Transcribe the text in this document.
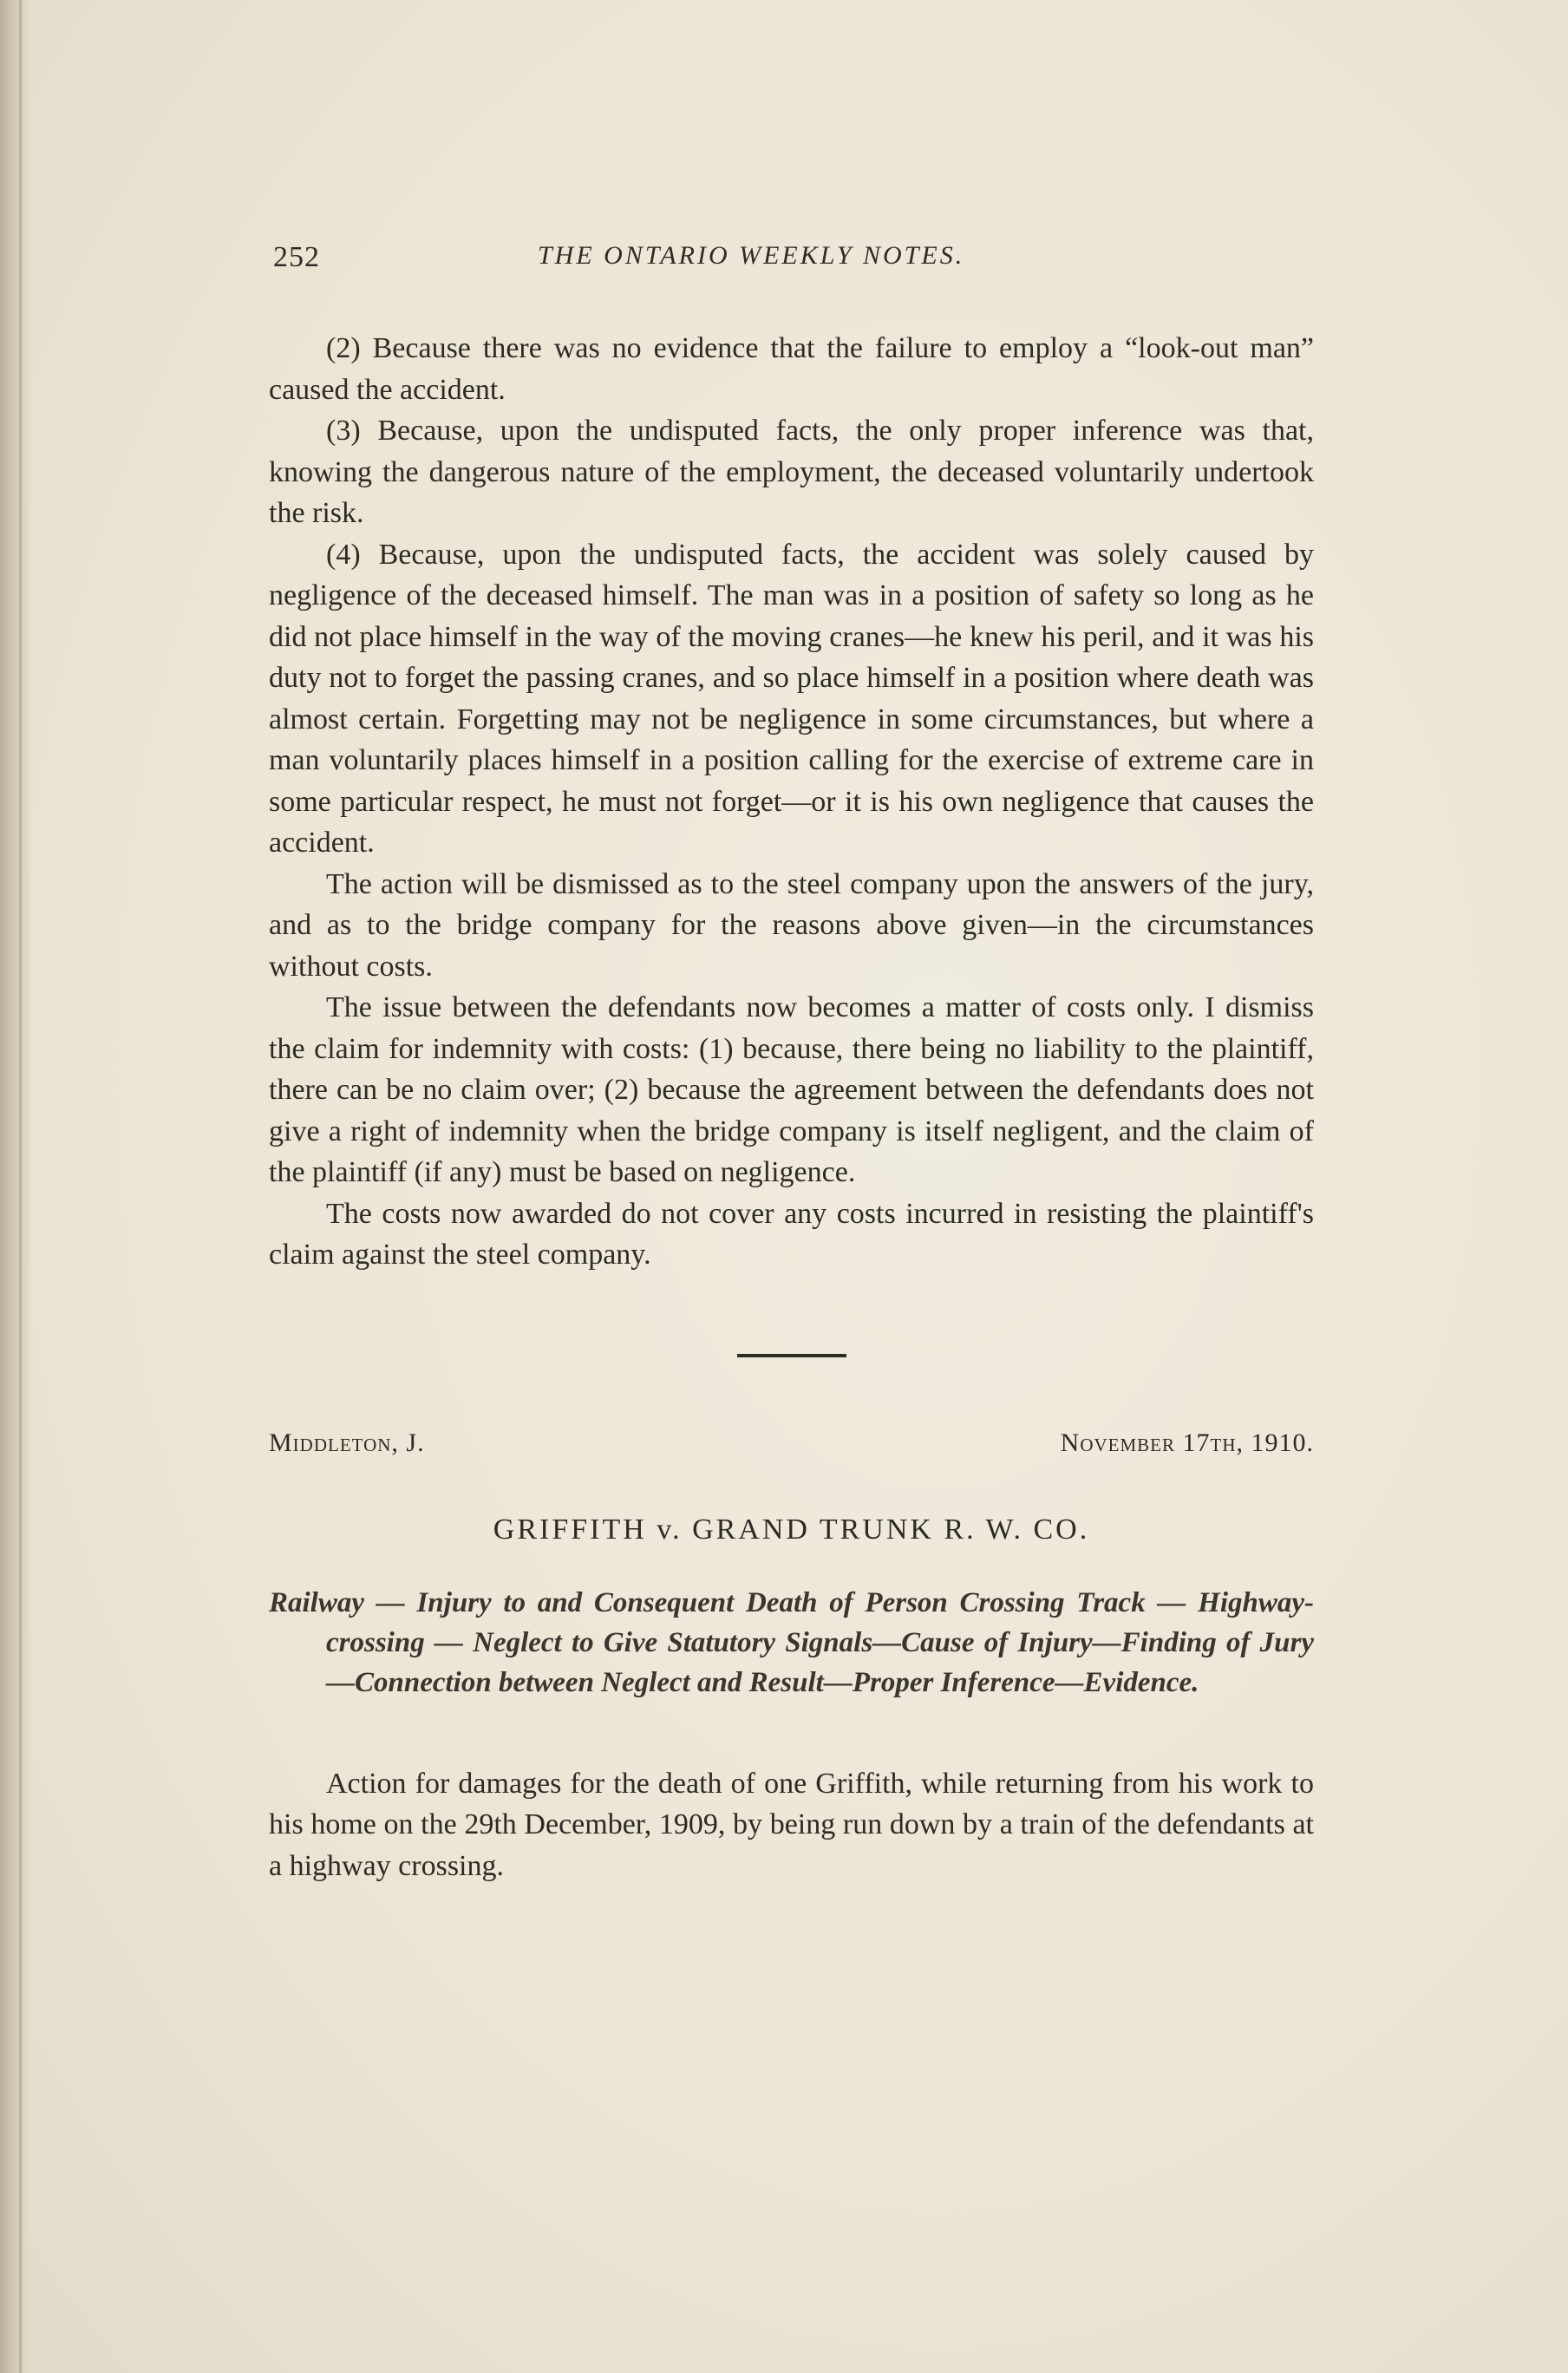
252	THE ONTARIO WEEKLY NOTES.

(2) Because there was no evidence that the failure to employ a “look-out man” caused the accident.

(3) Because, upon the undisputed facts, the only proper inference was that, knowing the dangerous nature of the employment, the deceased voluntarily undertook the risk.

(4) Because, upon the undisputed facts, the accident was solely caused by negligence of the deceased himself. The man was in a position of safety so long as he did not place himself in the way of the moving cranes—he knew his peril, and it was his duty not to forget the passing cranes, and so place himself in a position where death was almost certain. Forgetting may not be negligence in some circumstances, but where a man voluntarily places himself in a position calling for the exercise of extreme care in some particular respect, he must not forget—or it is his own negligence that causes the accident.

The action will be dismissed as to the steel company upon the answers of the jury, and as to the bridge company for the reasons above given—in the circumstances without costs.

The issue between the defendants now becomes a matter of costs only. I dismiss the claim for indemnity with costs: (1) because, there being no liability to the plaintiff, there can be no claim over; (2) because the agreement between the defendants does not give a right of indemnity when the bridge company is itself negligent, and the claim of the plaintiff (if any) must be based on negligence.

The costs now awarded do not cover any costs incurred in resisting the plaintiff's claim against the steel company.

Middleton, J.	November 17th, 1910.
GRIFFITH v. GRAND TRUNK R. W. CO.
Railway — Injury to and Consequent Death of Person Crossing Track — Highway-crossing — Neglect to Give Statutory Signals—Cause of Injury—Finding of Jury—Connection between Neglect and Result—Proper Inference—Evidence.
Action for damages for the death of one Griffith, while returning from his work to his home on the 29th December, 1909, by being run down by a train of the defendants at a highway crossing.
